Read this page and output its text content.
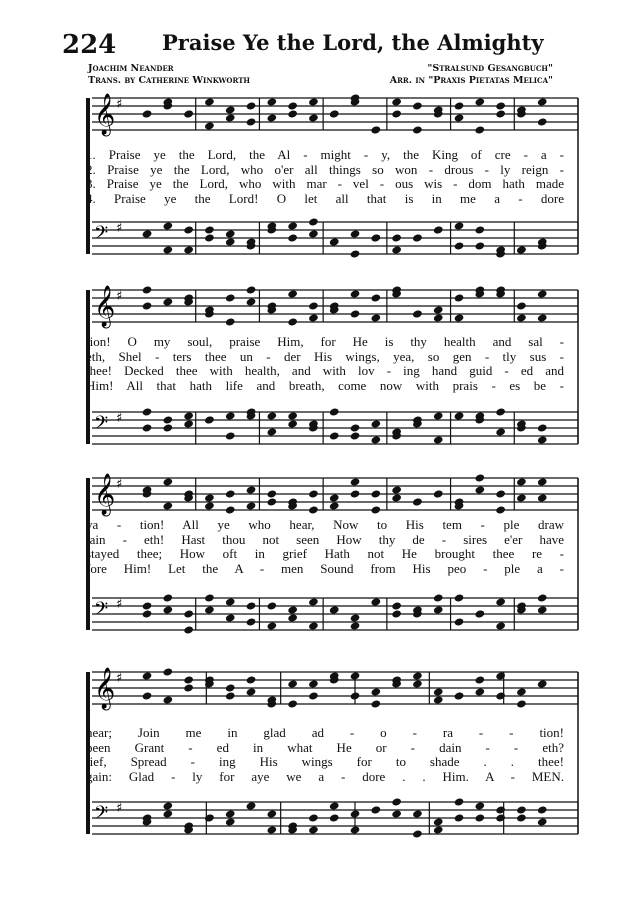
224 Praise Ye the Lord, the Almighty
Joachim Neander
Trans. by Catherine Winkworth
"Stralsund Gesangbuch"
Arr. in "Praxis Pietatas Melica"
𝄞 ♯
𝄢 ♯
𝄞 ♯
𝄢 ♯
𝄞 ♯
𝄢 ♯
𝄞 ♯
𝄢 ♯
1. Praise ye the Lord, the Al - might - y, the King of cre - a -
2. Praise ye the Lord, who o'er all things so won - drous - ly reign -
3. Praise ye the Lord, who with mar - vel - ous wis - dom hath made
4. Praise ye the Lord! O let all that is in me a - dore
tion! O my soul, praise Him, for He is thy health and sal -
eth, Shel - ters thee un - der His wings, yea, so gen - tly sus -
thee! Decked thee with health, and with lov - ing hand guid - ed and
Him! All that hath life and breath, come now with prais - es be -
va - tion! All ye who hear, Now to His tem - ple draw
tain - eth! Hast thou not seen How thy de - sires e'er have
stayed thee; How oft in grief Hath not He brought thee re -
fore Him! Let the A - men Sound from His peo - ple a -
near; Join me in glad ad - o - ra - - tion!
been Grant - ed in what He or - dain - - eth?
lief, Spread - ing His wings for to shade . . thee!
gain: Glad - ly for aye we a - dore . . Him. A - MEN.
